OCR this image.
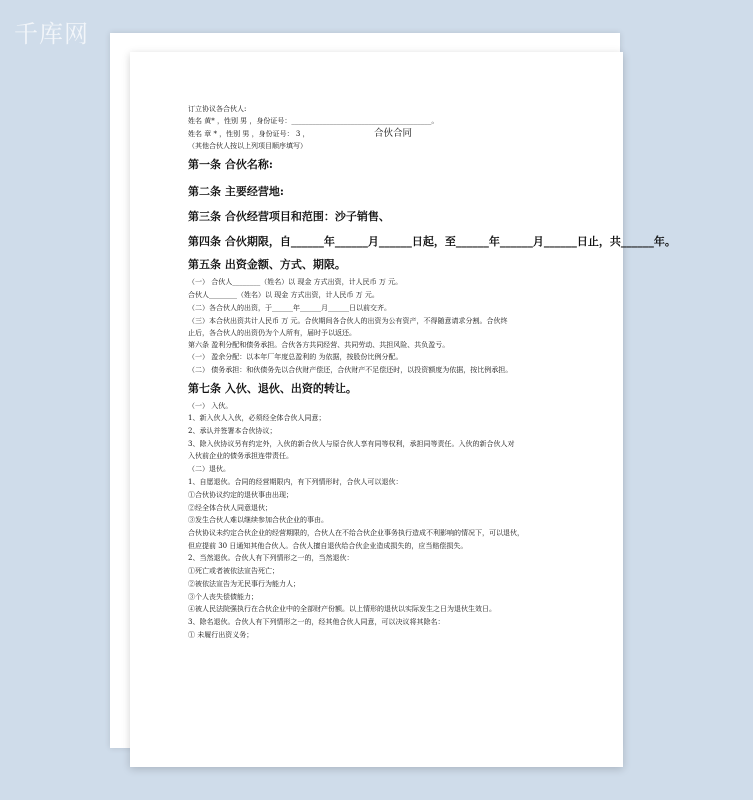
千库网
合伙合同
订立协议各合伙人:
姓名 黄* ，性别 男 ，身份证号：________________________________________。
姓名 章 * ，性别 男 ，身份证号： 3 ，
（其他合伙人按以上列项目顺序填写）
第一条 合伙名称:
第二条 主要经营地:
第三条 合伙经营项目和范围：沙子销售、
第四条 合伙期限，自______年______月______日起，至______年______月______日止，共______年。
第五条 出资金额、方式、期限。
（一） 合伙人________（姓名）以 现金 方式出资，计人民币 万 元。
合伙人________（姓名）以 现金 方式出资，计人民币 万 元。
（二）各合伙人的出资，于______年______月______日以前交齐。
（三）本合伙出资共计人民币 万 元。合伙期间各合伙人的出资为公有资产，不得随意请求分割。合伙终
止后，各合伙人的出资仍为个人所有，届时予以返还。
第六条 盈利分配和债务承担。合伙各方共同经营、共同劳动、共担风险、共负盈亏。
（一） 盈余分配：以本年厂年度总盈利的 为依据，按股份比例分配。
（二） 债务承担：和伙债务先以合伙财产偿还，合伙财产不足偿还时，以投资额度为依据，按比例承担。
第七条 入伙、退伙、出资的转让。
（一） 入伙。
1、新入伙人入伙，必须经全体合伙人同意；
2、承认并签署本合伙协议；
3、除入伙协议另有约定外，入伙的新合伙人与原合伙人享有同等权利，承担同等责任。入伙的新合伙人对
入伙前企业的债务承担连带责任。
（二）退伙。
1、自愿退伙。合同的经营期限内，有下列情形时，合伙人可以退伙：
①合伙协议约定的退伙事由出现；
②经全体合伙人同意退伙；
③发生合伙人难以继续参加合伙企业的事由。
合伙协议未约定合伙企业的经营期限的，合伙人在不给合伙企业事务执行造成不利影响的情况下，可以退伙，
但应提前 30 日通知其他合伙人。合伙人擅自退伙给合伙企业造成损失的，应当赔偿损失。
2、当然退伙。合伙人有下列情形之一的，当然退伙：
①死亡或者被依法宣告死亡；
②被依法宣告为无民事行为能力人；
③个人丧失偿债能力；
④被人民法院强执行在合伙企业中的全部财产份额。以上情形的退伙以实际发生之日为退伙生效日。
3、除名退伙。合伙人有下列情形之一的，经其他合伙人同意，可以决议将其除名：
① 未履行出资义务；
